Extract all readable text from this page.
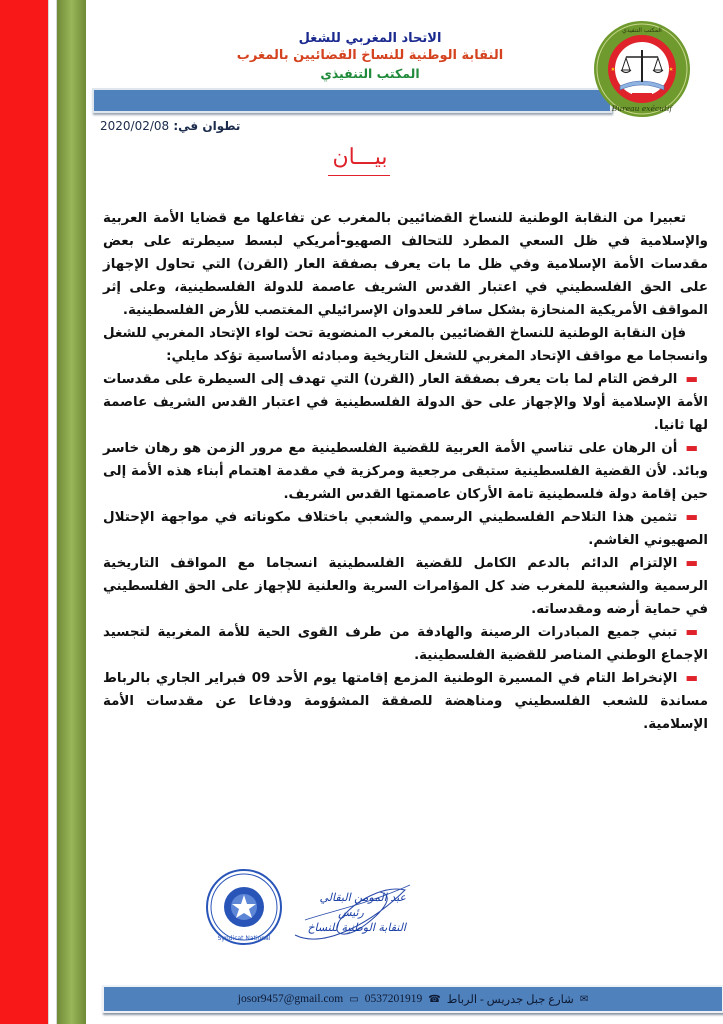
الاتحاد المغربي للشغل
النقابة الوطنية للنساخ القضائيين بالمغرب
المكتب التنفيذي
Bureau exécutif
المكتب التنفيذي
تطوان في: 2020/02/08
بيـــان

تعبيرا من النقابة الوطنية للنساخ القضائيين بالمغرب عن تفاعلها مع قضايا الأمة العربية والإسلامية في ظل السعي المطرد للتحالف الصهيو-أمريكي لبسط سيطرته على بعض مقدسات الأمة الإسلامية وفي ظل ما بات يعرف بصفقة العار (القرن) التي تحاول الإجهاز على الحق الفلسطيني في اعتبار القدس الشريف عاصمة للدولة الفلسطينية، وعلى إثر المواقف الأمريكية المنحازة بشكل سافر للعدوان الإسرائيلي المغتصب للأرض الفلسطينية.

فإن النقابة الوطنية للنساخ القضائيين بالمغرب المنضوية تحت لواء الإتحاد المغربي للشغل وانسجاما مع مواقف الإتحاد المغربي للشغل التاريخية ومبادئه الأساسية تؤكد مايلي:

▬الرفض التام لما بات يعرف بصفقة العار (القرن) التي تهدف إلى السيطرة على مقدسات الأمة الإسلامية أولا والإجهاز على حق الدولة الفلسطينية في اعتبار القدس الشريف عاصمة لها ثانيا.

▬أن الرهان على تناسي الأمة العربية للقضية الفلسطينية مع مرور الزمن هو رهان خاسر وبائد. لأن القضية الفلسطينية ستبقى مرجعية ومركزية في مقدمة اهتمام أبناء هذه الأمة إلى حين إقامة دولة فلسطينية تامة الأركان عاصمتها القدس الشريف.

▬تثمين هذا التلاحم الفلسطيني الرسمي والشعبي باختلاف مكوناته في مواجهة الإحتلال الصهيوني الغاشم.

▬الإلتزام الدائم بالدعم الكامل للقضية الفلسطينية انسجاما مع المواقف التاريخية الرسمية والشعبية للمغرب ضد كل المؤامرات السرية والعلنية للإجهاز على الحق الفلسطيني في حماية أرضه ومقدساته.

▬تبني جميع المبادرات الرصينة والهادفة من طرف القوى الحية للأمة المغربية لتجسيد الإجماع الوطني المناصر للقضية الفلسطينية.

▬الإنخراط التام في المسيرة الوطنية المزمع إقامتها يوم الأحد 09 فبراير الجاري بالرباط مساندة للشعب الفلسطيني ومناهضة للصفقة المشؤومة ودفاعا عن مقدسات الأمة الإسلامية.

Syndicat National
عبد المومن البقالي
رئيس
النقابة الوطنية للنساخ
✉
شارع جبل جدريس - الرباط
☎
0537201919
▭
josor9457@gmail.com
